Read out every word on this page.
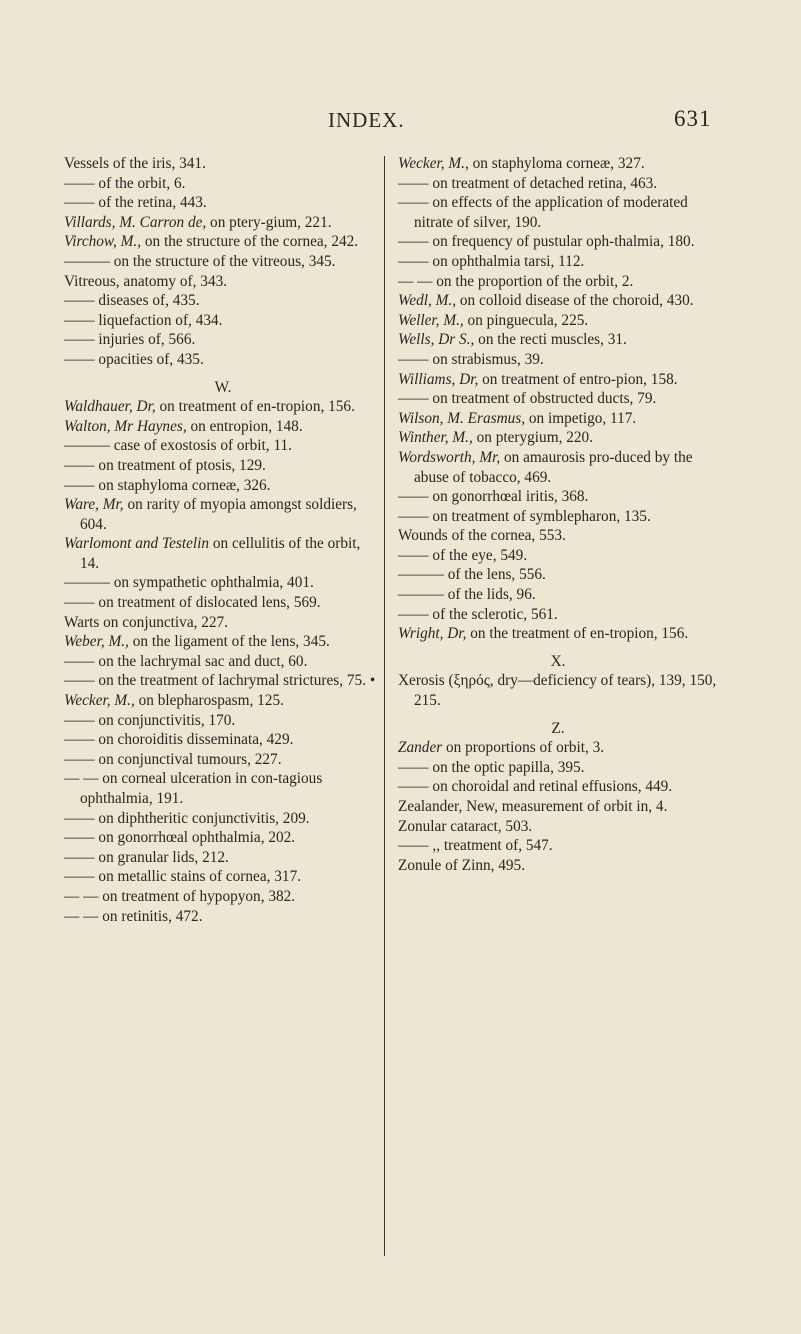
INDEX.	631

Vessels of the iris, 341.

—— of the orbit, 6.

—— of the retina, 443.

Villards, M. Carron de, on ptery-gium, 221.

Virchow, M., on the structure of the cornea, 242.

——— on the structure of the vitreous, 345.

Vitreous, anatomy of, 343.

—— diseases of, 435.

—— liquefaction of, 434.

—— injuries of, 566.

—— opacities of, 435.

W.

Waldhauer, Dr, on treatment of en-tropion, 156.

Walton, Mr Haynes, on entropion, 148.

——— case of exostosis of orbit, 11.

—— on treatment of ptosis, 129.

—— on staphyloma corneæ, 326.

Ware, Mr, on rarity of myopia amongst soldiers, 604.

Warlomont and Testelin on cellulitis of the orbit, 14.

——— on sympathetic ophthalmia, 401.

—— on treatment of dislocated lens, 569.

Warts on conjunctiva, 227.

Weber, M., on the ligament of the lens, 345.

—— on the lachrymal sac and duct, 60.

—— on the treatment of lachrymal strictures, 75. •

Wecker, M., on blepharospasm, 125.

—— on conjunctivitis, 170.

—— on choroiditis disseminata, 429.

—— on conjunctival tumours, 227.

— — on corneal ulceration in con-tagious ophthalmia, 191.

—— on diphtheritic conjunctivitis, 209.

—— on gonorrhœal ophthalmia, 202.

—— on granular lids, 212.

—— on metallic stains of cornea, 317.

— — on treatment of hypopyon, 382.

— — on retinitis, 472.

Wecker, M., on staphyloma corneæ, 327.

—— on treatment of detached retina, 463.

—— on effects of the application of moderated nitrate of silver, 190.

—— on frequency of pustular oph-thalmia, 180.

—— on ophthalmia tarsi, 112.

— — on the proportion of the orbit, 2.

Wedl, M., on colloid disease of the choroid, 430.

Weller, M., on pinguecula, 225.

Wells, Dr S., on the recti muscles, 31.

—— on strabismus, 39.

Williams, Dr, on treatment of entro-pion, 158.

—— on treatment of obstructed ducts, 79.

Wilson, M. Erasmus, on impetigo, 117.

Winther, M., on pterygium, 220.

Wordsworth, Mr, on amaurosis pro-duced by the abuse of tobacco, 469.

—— on gonorrhœal iritis, 368.

—— on treatment of symblepharon, 135.

Wounds of the cornea, 553.

—— of the eye, 549.

——— of the lens, 556.

——— of the lids, 96.

—— of the sclerotic, 561.

Wright, Dr, on the treatment of en-tropion, 156.

X.

Xerosis (ξηρός, dry—deficiency of tears), 139, 150, 215.

Z.

Zander on proportions of orbit, 3.

—— on the optic papilla, 395.

—— on choroidal and retinal effusions, 449.

Zealander, New, measurement of orbit in, 4.

Zonular cataract, 503.

—— ,, treatment of, 547.

Zonule of Zinn, 495.
